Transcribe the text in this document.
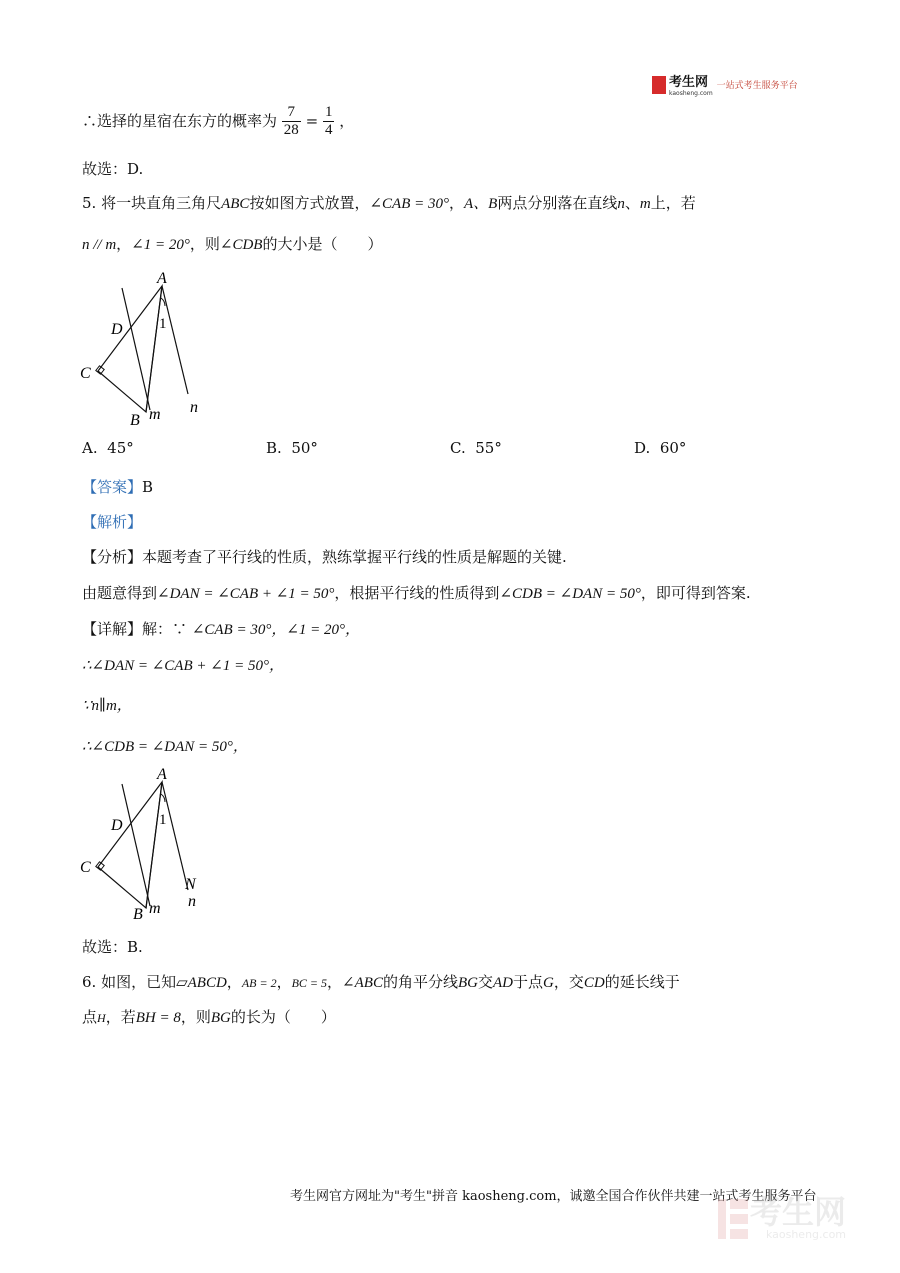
考生网
kaosheng.com
一站式考生服务平台
∴选择的星宿在东方的概率为 $\frac{7}{28} = \frac{1}{4}$ ，
故选：D.
5. 将一块直角三角尺ABC按如图方式放置，∠CAB = 30°，A、B两点分别落在直线n、m上，若
n // m，∠1 = 20°，则∠CDB的大小是（　　）
A
D
C
B m n
1
A. 45°	B. 50°	C. 55°	D. 60°
【答案】B
【解析】
【分析】本题考查了平行线的性质，熟练掌握平行线的性质是解题的关键.
由题意得到∠DAN = ∠CAB + ∠1 = 50°，根据平行线的性质得到∠CDB = ∠DAN = 50°，即可得到答案.
【详解】解：∵ ∠CAB = 30°，∠1 = 20°，
∴∠DAN = ∠CAB + ∠1 = 50°，
∵n∥m，
∴∠CDB = ∠DAN = 50°，
A
D
C
B m
N
n
1
故选：B.
6. 如图，已知▱ABCD，AB = 2，BC = 5，∠ABC的角平分线BG交AD于点G，交CD的延长线于
点H，若BH = 8，则BG的长为（　　）
考生网官方网址为"考生"拼音 kaosheng.com，诚邀全国合作伙伴共建一站式考生服务平台
考生网
kaosheng.com
